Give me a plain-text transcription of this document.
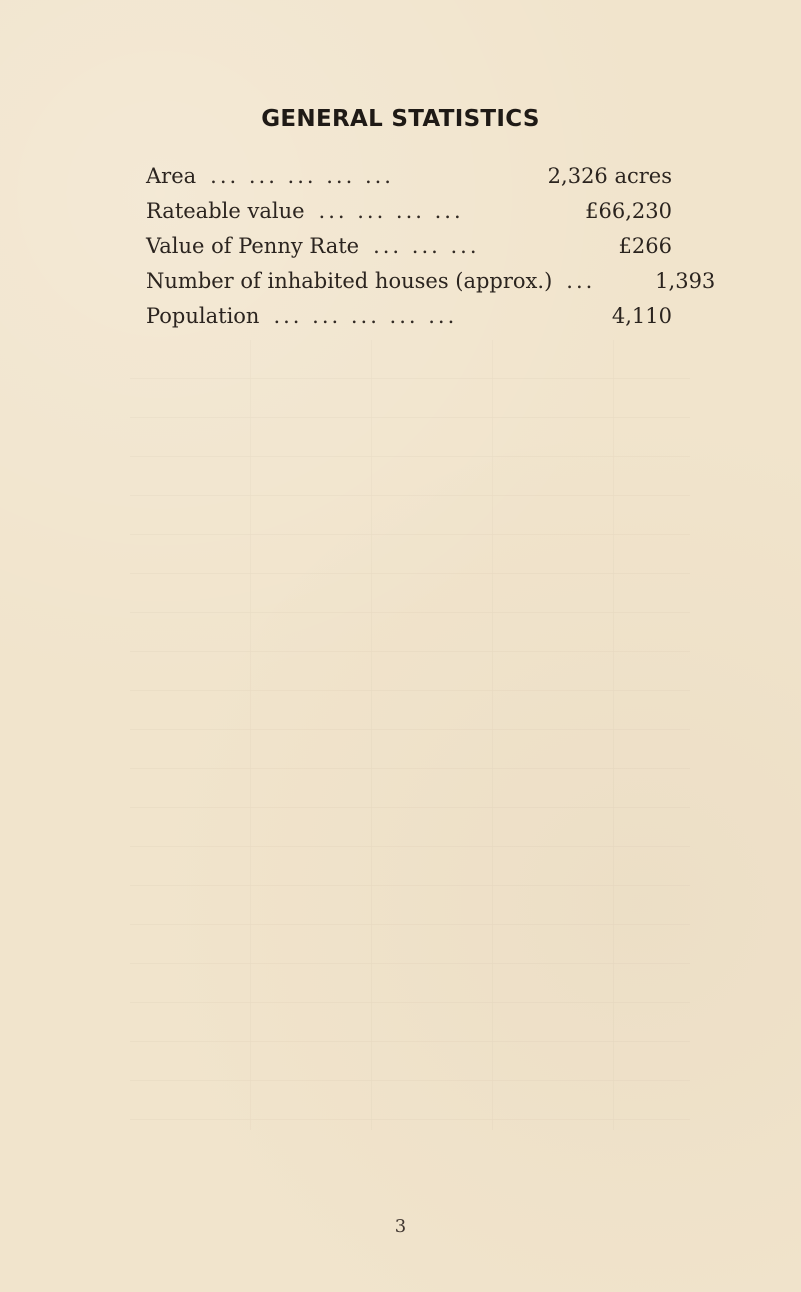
GENERAL STATISTICS
Area ... ... ... ... ...	2,326 acres
Rateable value ... ... ... ...	£66,230
Value of Penny Rate ... ... ...	£266
Number of inhabited houses (approx.) ...	1,393
Population ... ... ... ... ...	4,110
3
